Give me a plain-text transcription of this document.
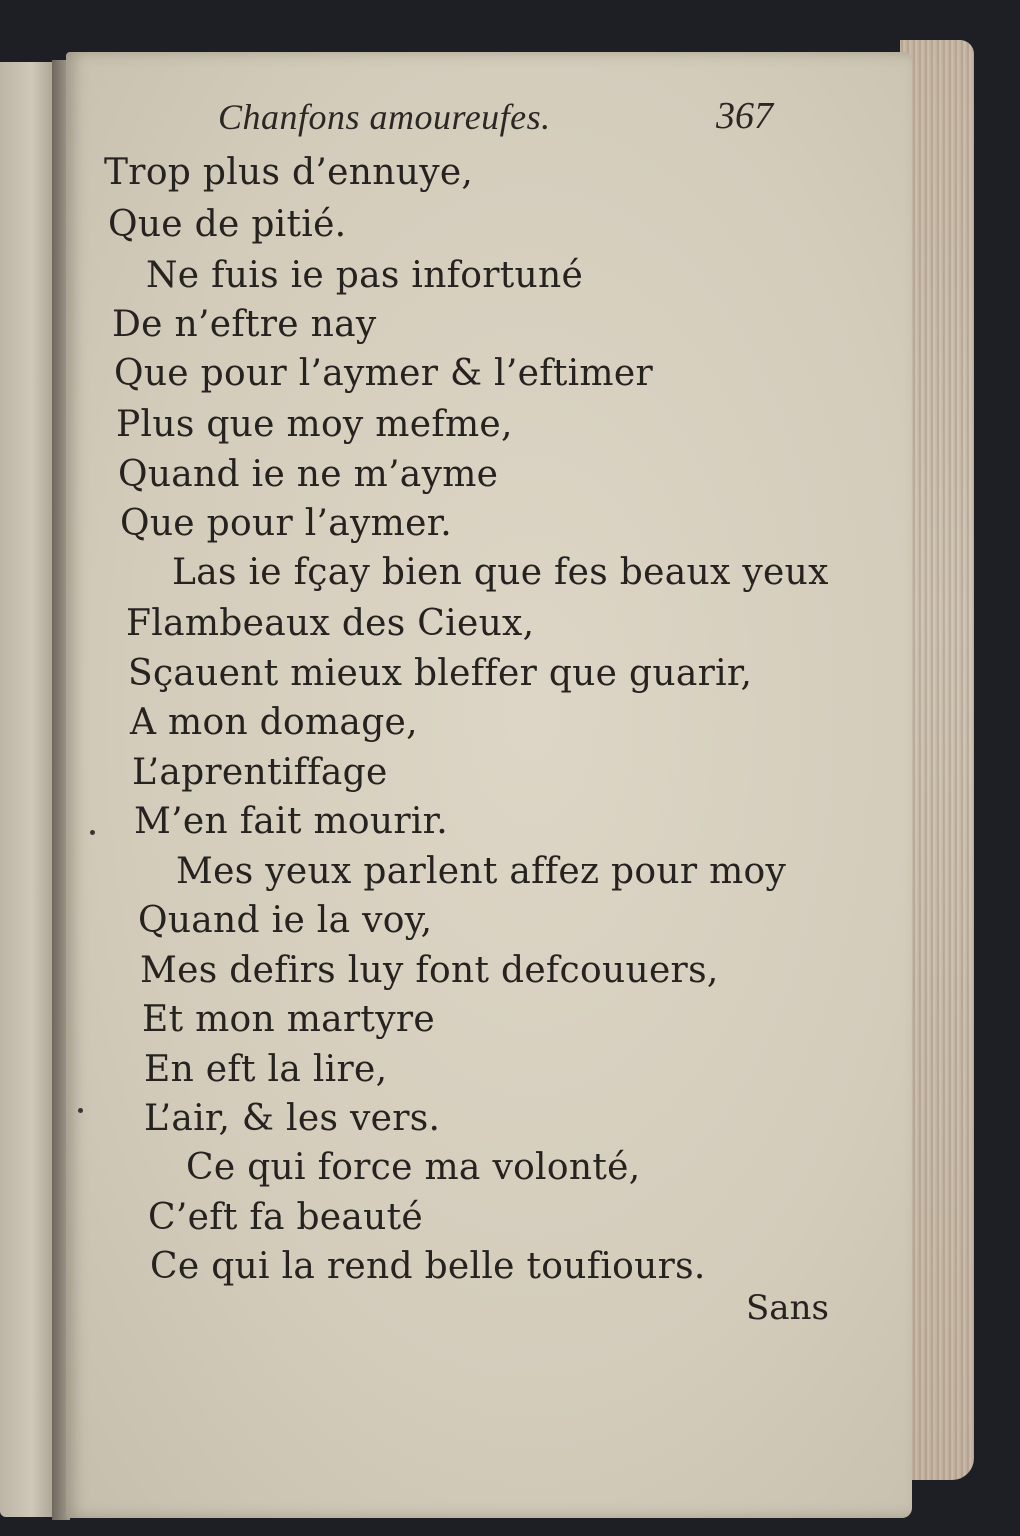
Chanfons amoureufes.	367
Trop plus d’ennuye,
Que de pitié.
Ne fuis ie pas infortuné
De n’eftre nay
Que pour l’aymer & l’eftimer
Plus que moy mefme,
Quand ie ne m’ayme
Que pour l’aymer.
Las ie fçay bien que fes beaux yeux
Flambeaux des Cieux,
Sçauent mieux bleffer que guarir,
A mon domage,
L’aprentiffage
M’en fait mourir.
Mes yeux parlent affez pour moy
Quand ie la voy,
Mes defirs luy font defcouuers,
Et mon martyre
En eft la lire,
L’air, & les vers.
Ce qui force ma volonté,
C’eft fa beauté
Ce qui la rend belle toufiours.
Sans
